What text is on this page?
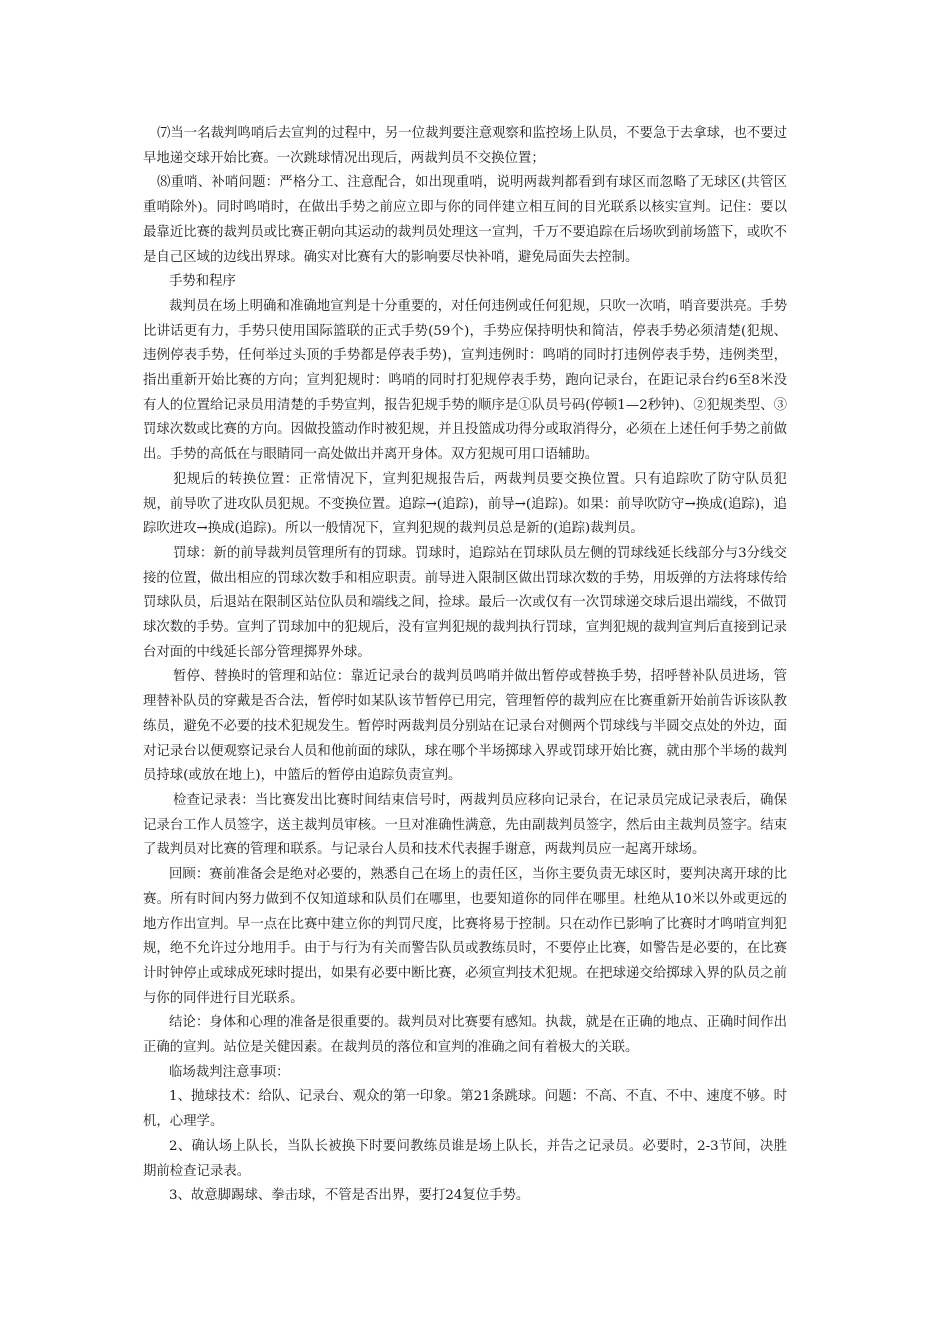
⑺当一名裁判鸣哨后去宣判的过程中，另一位裁判要注意观察和监控场上队员，不要急于去拿球，也不要过早地递交球开始比赛。一次跳球情况出现后，两裁判员不交换位置；

⑻重哨、补哨问题：严格分工、注意配合，如出现重哨，说明两裁判都看到有球区而忽略了无球区(共管区重哨除外)。同时鸣哨时，在做出手势之前应立即与你的同伴建立相互间的目光联系以核实宣判。记住：要以最靠近比赛的裁判员或比赛正朝向其运动的裁判员处理这一宣判，千万不要追踪在后场吹到前场篮下，或吹不是自己区域的边线出界球。确实对比赛有大的影响要尽快补哨，避免局面失去控制。

手势和程序

裁判员在场上明确和准确地宣判是十分重要的，对任何违例或任何犯规，只吹一次哨，哨音要洪亮。手势比讲话更有力，手势只使用国际篮联的正式手势(59个)，手势应保持明快和简洁，停表手势必须清楚(犯规、违例停表手势，任何举过头顶的手势都是停表手势)，宣判违例时：鸣哨的同时打违例停表手势，违例类型，指出重新开始比赛的方向；宣判犯规时：鸣哨的同时打犯规停表手势，跑向记录台，在距记录台约6至8米没有人的位置给记录员用清楚的手势宣判，报告犯规手势的顺序是①队员号码(停顿1—2秒钟)、②犯规类型、③罚球次数或比赛的方向。因做投篮动作时被犯规，并且投篮成功得分或取消得分，必须在上述任何手势之前做出。手势的高低在与眼睛同一高处做出并离开身体。双方犯规可用口语辅助。

犯规后的转换位置：正常情况下，宣判犯规报告后，两裁判员要交换位置。只有追踪吹了防守队员犯规，前导吹了进攻队员犯规。不变换位置。追踪→(追踪)，前导→(追踪)。如果：前导吹防守→换成(追踪)，追踪吹进攻→换成(追踪)。所以一般情况下，宣判犯规的裁判员总是新的(追踪)裁判员。

罚球：新的前导裁判员管理所有的罚球。罚球时，追踪站在罚球队员左侧的罚球线延长线部分与3分线交接的位置，做出相应的罚球次数手和相应职责。前导进入限制区做出罚球次数的手势，用坂弹的方法将球传给罚球队员，后退站在限制区站位队员和端线之间，捡球。最后一次或仅有一次罚球递交球后退出端线，不做罚球次数的手势。宣判了罚球加中的犯规后，没有宣判犯规的裁判执行罚球，宣判犯规的裁判宣判后直接到记录台对面的中线延长部分管理掷界外球。

暂停、替换时的管理和站位：靠近记录台的裁判员鸣哨并做出暂停或替换手势，招呼替补队员进场，管理替补队员的穿戴是否合法，暂停时如某队该节暂停已用完，管理暂停的裁判应在比赛重新开始前告诉该队教练员，避免不必要的技术犯规发生。暂停时两裁判员分别站在记录台对侧两个罚球线与半圆交点处的外边，面对记录台以便观察记录台人员和他前面的球队，球在哪个半场掷球入界或罚球开始比赛，就由那个半场的裁判员持球(或放在地上)，中篮后的暂停由追踪负责宣判。

检查记录表：当比赛发出比赛时间结束信号时，两裁判员应移向记录台，在记录员完成记录表后，确保记录台工作人员签字，送主裁判员审核。一旦对准确性满意，先由副裁判员签字，然后由主裁判员签字。结束了裁判员对比赛的管理和联系。与记录台人员和技术代表握手谢意，两裁判员应一起离开球场。

回顾：赛前准备会是绝对必要的，熟悉自己在场上的责任区，当你主要负责无球区时，要判决离开球的比赛。所有时间内努力做到不仅知道球和队员们在哪里，也要知道你的同伴在哪里。杜绝从10米以外或更远的地方作出宣判。早一点在比赛中建立你的判罚尺度，比赛将易于控制。只在动作已影响了比赛时才鸣哨宣判犯规，绝不允许过分地用手。由于与行为有关而警告队员或教练员时，不要停止比赛，如警告是必要的，在比赛计时钟停止或球成死球时提出，如果有必要中断比赛，必须宣判技术犯规。在把球递交给掷球入界的队员之前与你的同伴进行目光联系。

结论：身体和心理的准备是很重要的。裁判员对比赛要有感知。执裁，就是在正确的地点、正确时间作出正确的宣判。站位是关健因素。在裁判员的落位和宣判的准确之间有着极大的关联。

临场裁判注意事项：

1、抛球技术：给队、记录台、观众的第一印象。第21条跳球。问题：不高、不直、不中、速度不够。时机，心理学。

2、确认场上队长，当队长被换下时要问教练员谁是场上队长，并告之记录员。必要时，2-3节间，决胜期前检查记录表。

3、故意脚踢球、拳击球，不管是否出界，要打24复位手势。
